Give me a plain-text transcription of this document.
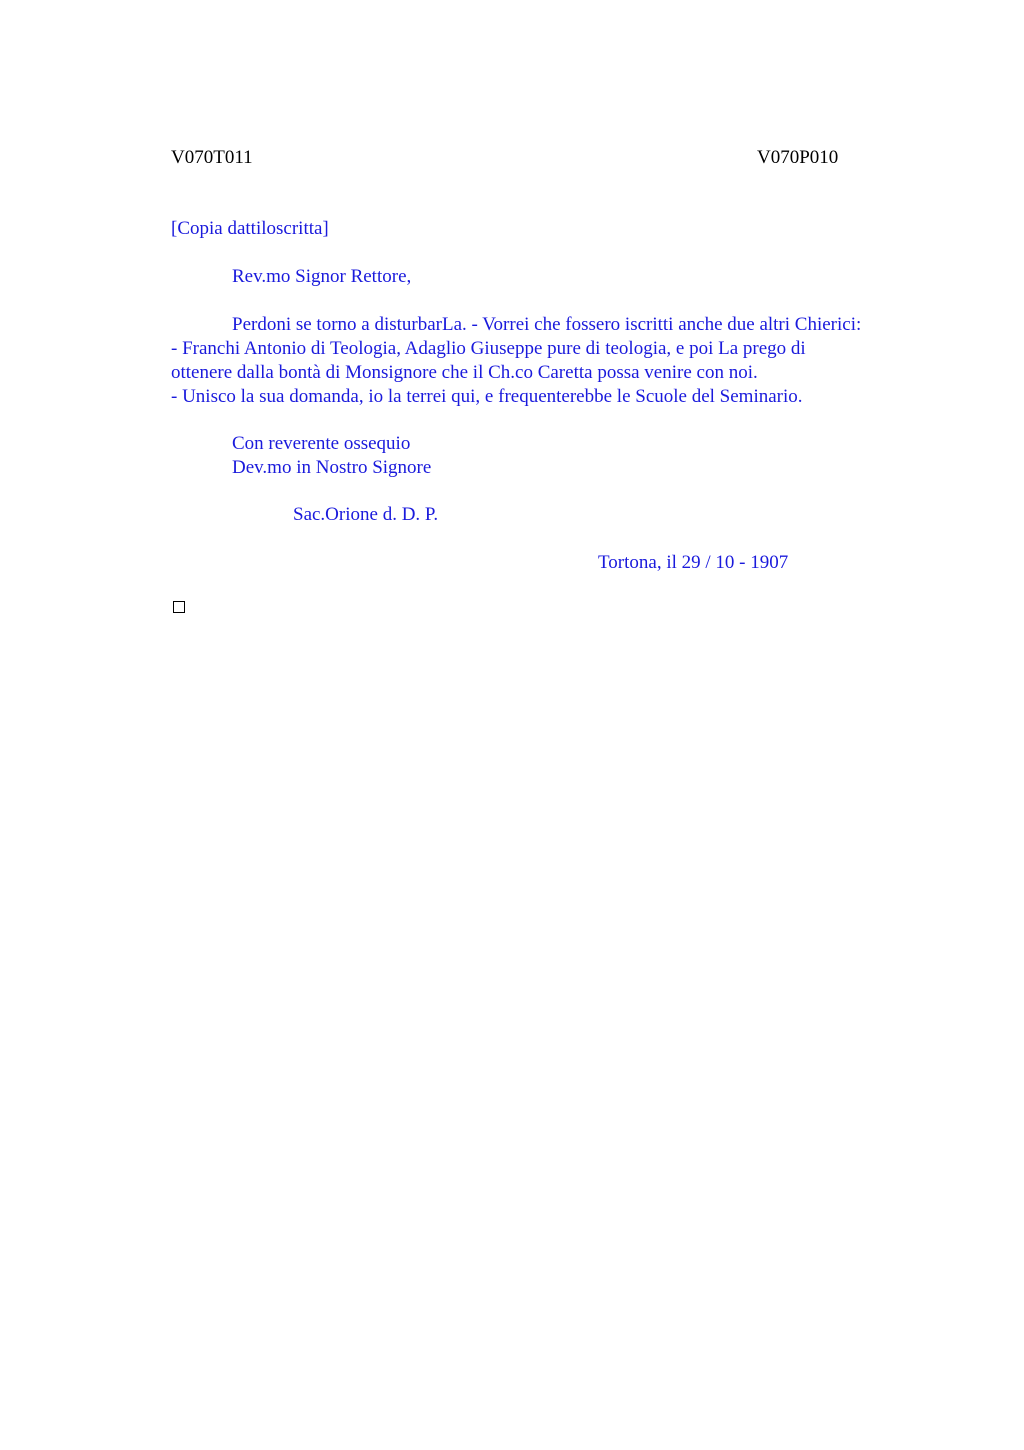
V070T011	V070P010
[Copia dattiloscritta]
Rev.mo Signor Rettore,
Perdoni se torno a disturbarLa. - Vorrei che fossero iscritti anche due altri Chierici:
- Franchi Antonio di Teologia, Adaglio Giuseppe pure di teologia, e poi La prego di
ottenere dalla bontà di Monsignore che il Ch.co Caretta possa venire con noi.
- Unisco la sua domanda, io la terrei qui, e frequenterebbe le Scuole del Seminario.
Con reverente ossequio
Dev.mo in Nostro Signore
Sac.Orione d. D. P.
Tortona, il 29 / 10 - 1907
